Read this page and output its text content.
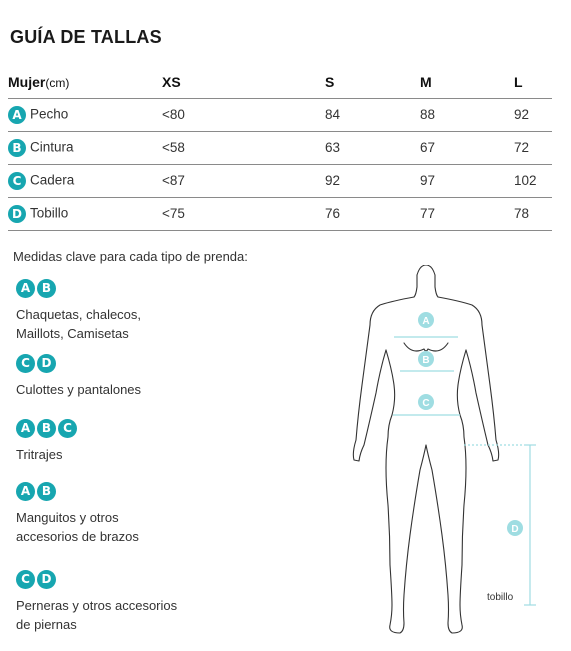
GUÍA DE TALLAS
Mujer(cm)	XS	S	M	L
A Pecho	<80	84	88	92
B Cintura	<58	63	67	72
C Cadera	<87	92	97	102
D Tobillo	<75	76	77	78
Medidas clave para cada tipo de prenda:
A B
Chaquetas, chalecos,
Maillots, Camisetas
C D
Culottes y pantalones
A B C
Tritrajes
A B
Manguitos y otros
accesorios de brazos
C D
Perneras y otros accesorios
de piernas
A
B
C
D
tobillo
